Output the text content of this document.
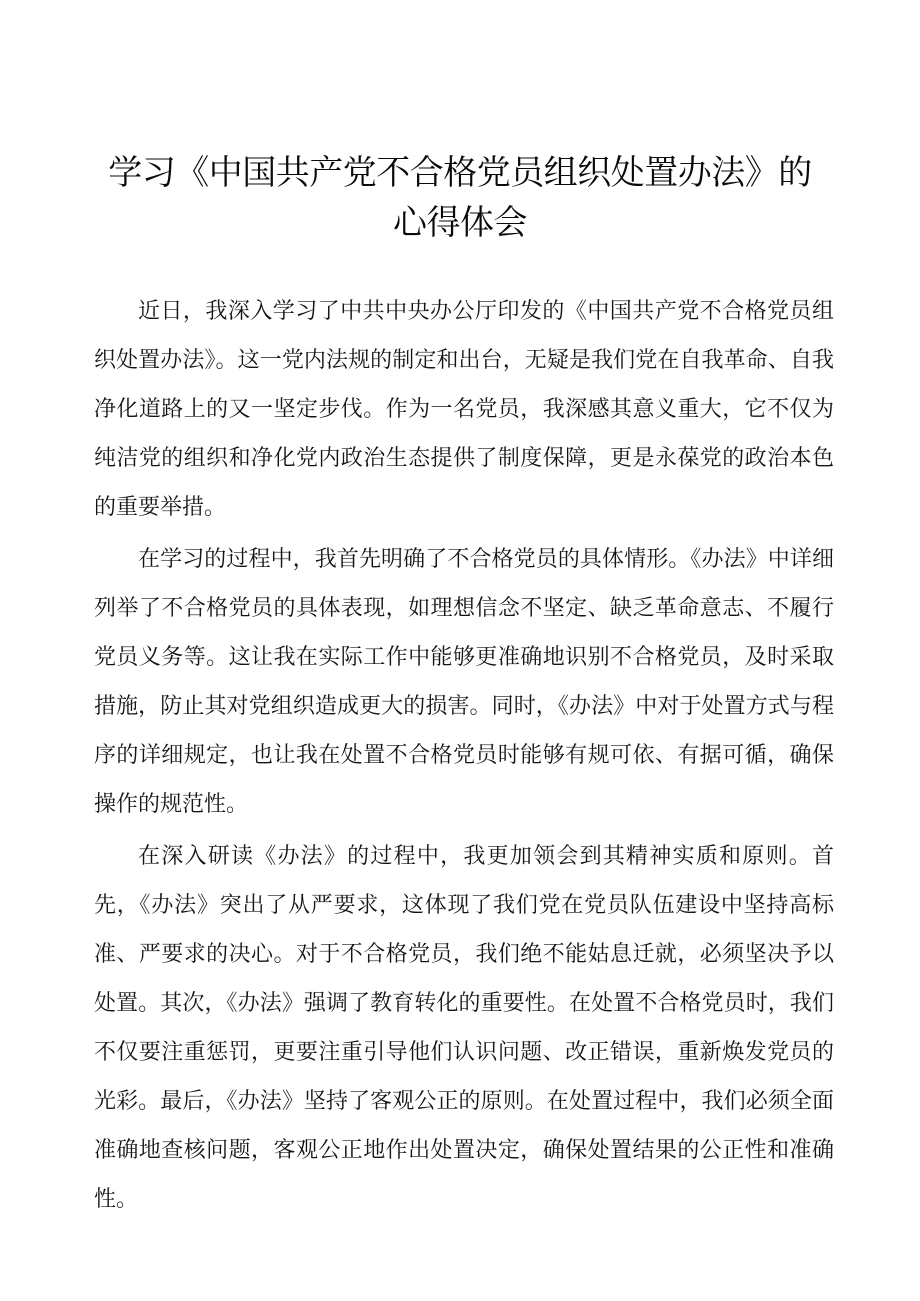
学习《中国共产党不合格党员组织处置办法》的
心得体会

近日，我深入学习了中共中央办公厅印发的《中国共产党不合格党员组织处置办法》。这一党内法规的制定和出台，无疑是我们党在自我革命、自我净化道路上的又一坚定步伐。作为一名党员，我深感其意义重大，它不仅为纯洁党的组织和净化党内政治生态提供了制度保障，更是永葆党的政治本色的重要举措。

在学习的过程中，我首先明确了不合格党员的具体情形。《办法》中详细列举了不合格党员的具体表现，如理想信念不坚定、缺乏革命意志、不履行党员义务等。这让我在实际工作中能够更准确地识别不合格党员，及时采取措施，防止其对党组织造成更大的损害。同时，《办法》中对于处置方式与程序的详细规定，也让我在处置不合格党员时能够有规可依、有据可循，确保操作的规范性。

在深入研读《办法》的过程中，我更加领会到其精神实质和原则。首先，《办法》突出了从严要求，这体现了我们党在党员队伍建设中坚持高标准、严要求的决心。对于不合格党员，我们绝不能姑息迁就，必须坚决予以处置。其次，《办法》强调了教育转化的重要性。在处置不合格党员时，我们不仅要注重惩罚，更要注重引导他们认识问题、改正错误，重新焕发党员的光彩。最后，《办法》坚持了客观公正的原则。在处置过程中，我们必须全面准确地查核问题，客观公正地作出处置决定，确保处置结果的公正性和准确性。
